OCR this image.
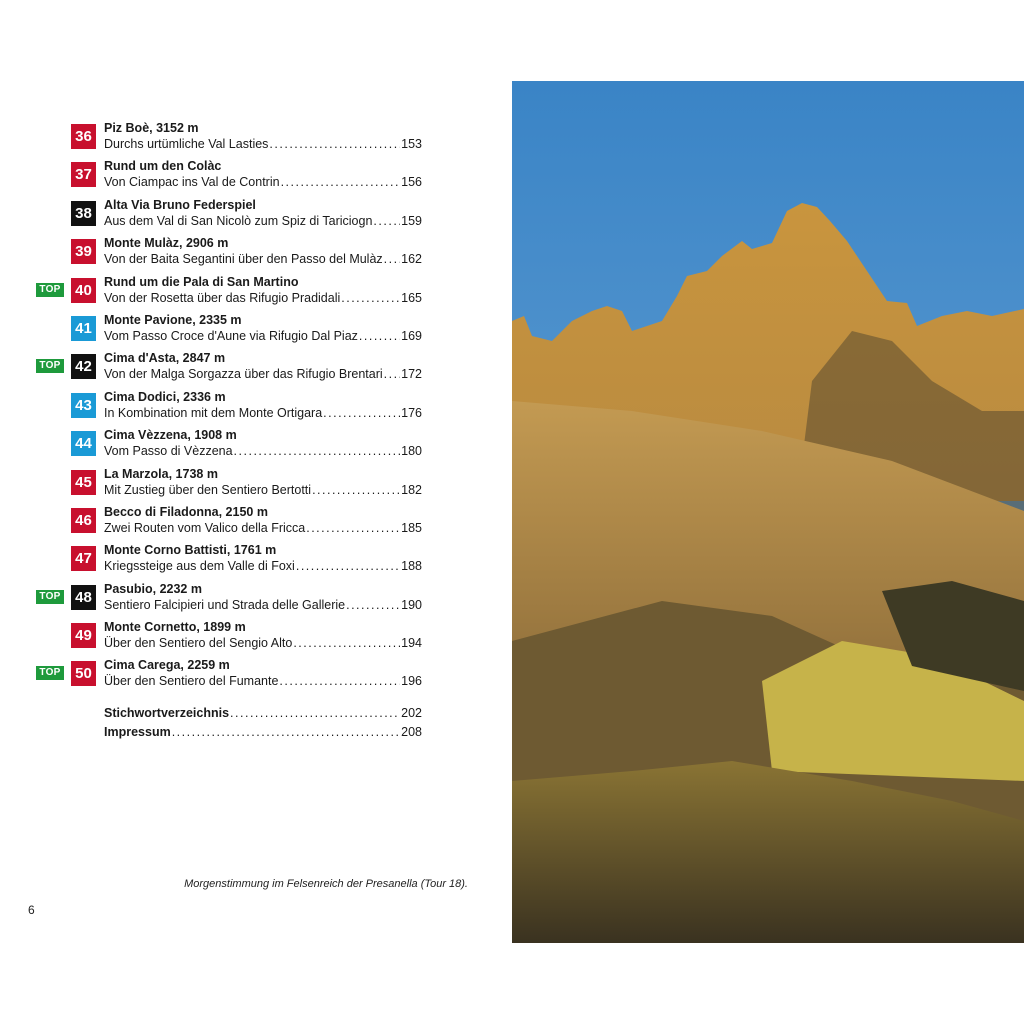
36 Piz Boè, 3152 m
Durchs urtümliche Val Lasties .....	153
37 Rund um den Colàc
Von Ciampac ins Val de Contrin .....	156
38 Alta Via Bruno Federspiel
Aus dem Val di San Nicolò zum Spiz di Tariciogn ..... 159
39 Monte Mulàz, 2906 m
Von der Baita Segantini über den Passo del Mulàz ..... 162
TOP 40 Rund um die Pala di San Martino
Von der Rosetta über das Rifugio Pradidali .....	165
41 Monte Pavione, 2335 m
Vom Passo Croce d'Aune via Rifugio Dal Piaz .....	169
TOP 42 Cima d'Asta, 2847 m
Von der Malga Sorgazza über das Rifugio Brentari ..... 172
43 Cima Dodici, 2336 m
In Kombination mit dem Monte Ortigara .....	176
44 Cima Vèzzena, 1908 m
Vom Passo di Vèzzena .....	180
45 La Marzola, 1738 m
Mit Zustieg über den Sentiero Bertotti .....	182
46 Becco di Filadonna, 2150 m
Zwei Routen vom Valico della Fricca .....	185
47 Monte Corno Battisti, 1761 m
Kriegssteige aus dem Valle di Foxi .....	188
TOP 48 Pasubio, 2232 m
Sentiero Falcipieri und Strada delle Gallerie .....	190
49 Monte Cornetto, 1899 m
Über den Sentiero del Sengio Alto .....	194
TOP 50 Cima Carega, 2259 m
Über den Sentiero del Fumante .....	196
Stichwortverzeichnis .....	202
Impressum .....	208
Morgenstimmung im Felsenreich der Presanella (Tour 18).
6
